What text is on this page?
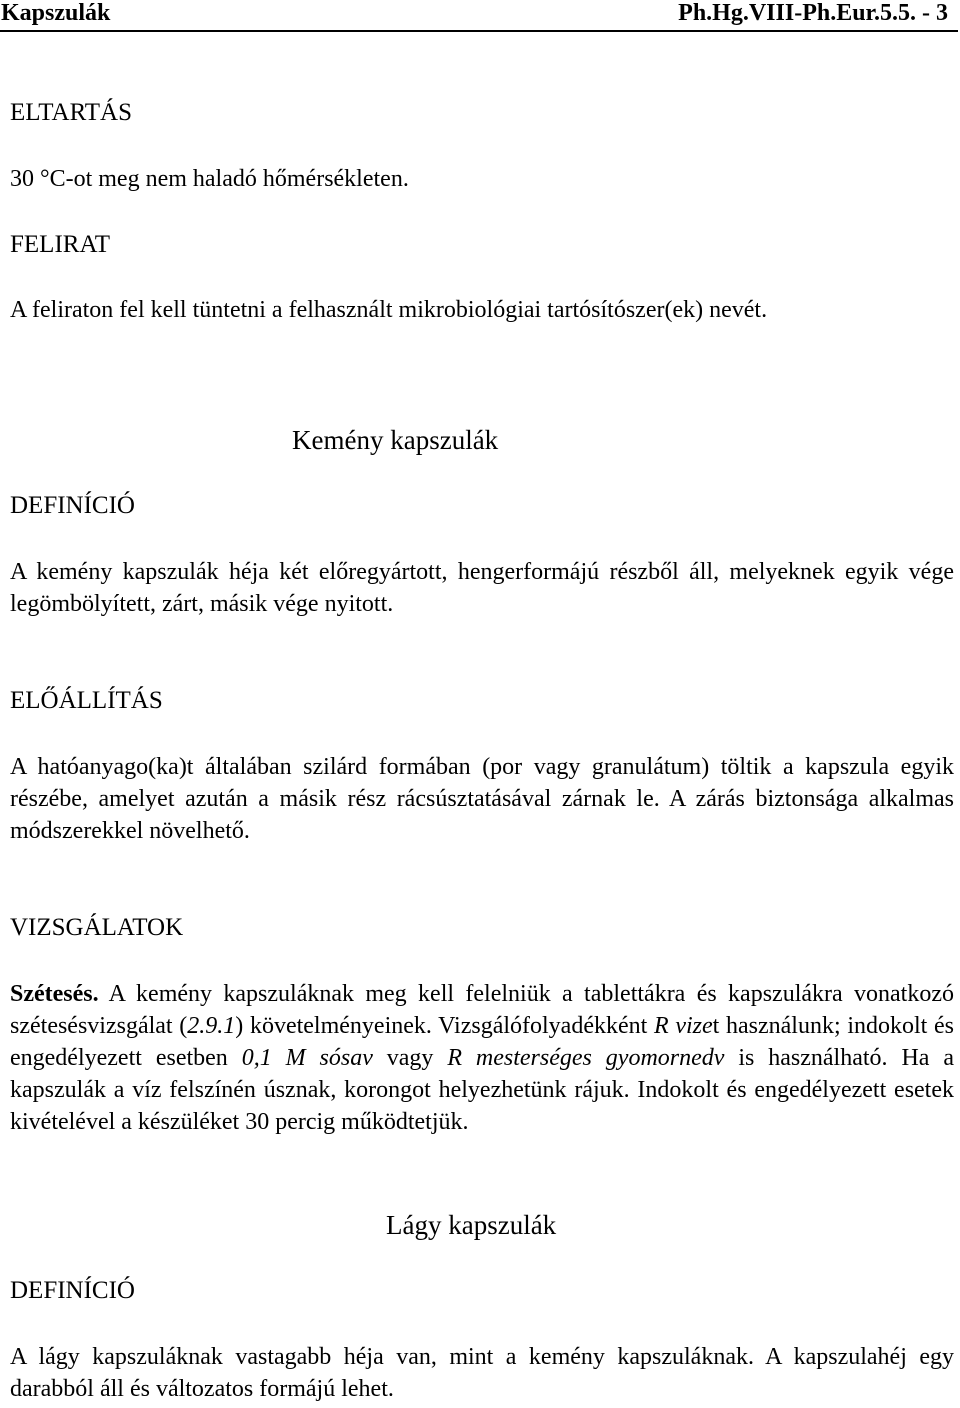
Kapszulák	Ph.Hg.VIII-Ph.Eur.5.5. - 3

ELTARTÁS

30 °C-ot meg nem haladó hőmérsékleten.

FELIRAT

A feliraton fel kell tüntetni a felhasznált mikrobiológiai tartósítószer(ek) nevét.

Kemény kapszulák

DEFINÍCIÓ

A kemény kapszulák héja két előregyártott, hengerformájú részből áll, melyeknek egyik vége legömbölyített, zárt, másik vége nyitott.

ELŐÁLLÍTÁS

A hatóanyago(ka)t általában szilárd formában (por vagy granulátum) töltik a kapszula egyik részébe, amelyet azután a másik rész rácsúsztatásával zárnak le. A zárás biztonsága alkalmas módszerekkel növelhető.

VIZSGÁLATOK

Szétesés. A kemény kapszuláknak meg kell felelniük a tablettákra és kapszulákra vonatkozó szétesésvizsgálat (2.9.1) követelményeinek. Vizsgálófolyadékként R vizet használunk; indokolt és engedélyezett esetben 0,1 M sósav vagy R mesterséges gyomornedv is használható. Ha a kapszulák a víz felszínén úsznak, korongot helyezhetünk rájuk. Indokolt és engedélyezett esetek kivételével a készüléket 30 percig működtetjük.

Lágy kapszulák

DEFINÍCIÓ

A lágy kapszuláknak vastagabb héja van, mint a kemény kapszuláknak. A kapszulahéj egy darabból áll és változatos formájú lehet.
